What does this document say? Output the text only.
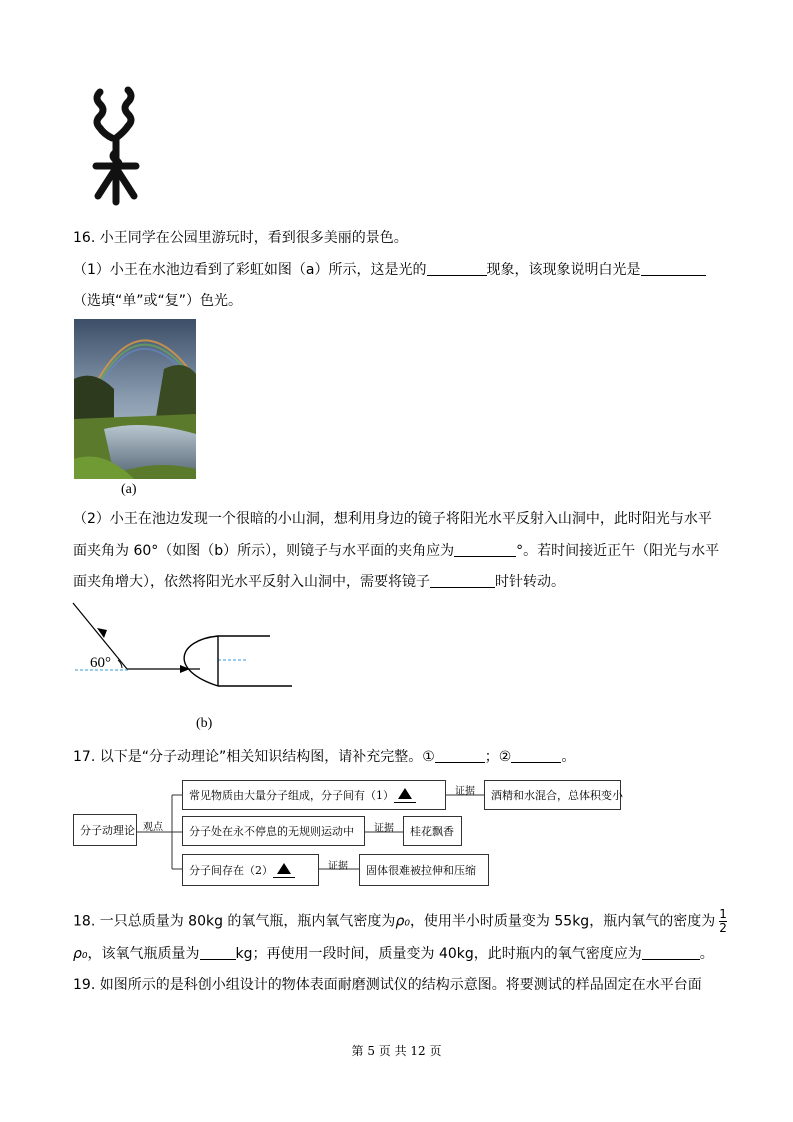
16. 小王同学在公园里游玩时，看到很多美丽的景色。
（1）小王在水池边看到了彩虹如图（a）所示，这是光的	现象，该现象说明白光是
（选填“单”或“复”）色光。
(a)
（2）小王在池边发现一个很暗的小山洞，想利用身边的镜子将阳光水平反射入山洞中，此时阳光与水平
面夹角为 60°（如图（b）所示），则镜子与水平面的夹角应为	°。若时间接近正午（阳光与水平
面夹角增大），依然将阳光水平反射入山洞中，需要将镜子	时针转动。
60°
(b)
17. 以下是“分子动理论”相关知识结构图，请补充完整。①	；②	。
分子动理论 观点
常见物质由大量分子组成，分子间有（1）	证据	酒精和水混合，总体积变小
分子处在永不停息的无规则运动中	证据	桂花飘香
分子间存在（2）	证据	固体很难被拉伸和压缩
18. 一只总质量为 80kg 的氧气瓶，瓶内氧气密度为ρ₀，使用半小时质量变为 55kg，瓶内氧气的密度为 $\frac{1}{2}$
ρ₀，该氧气瓶质量为	kg；再使用一段时间，质量变为 40kg，此时瓶内的氧气密度应为	。
19. 如图所示的是科创小组设计的物体表面耐磨测试仪的结构示意图。将要测试的样品固定在水平台面
第 5 页 共 12 页
